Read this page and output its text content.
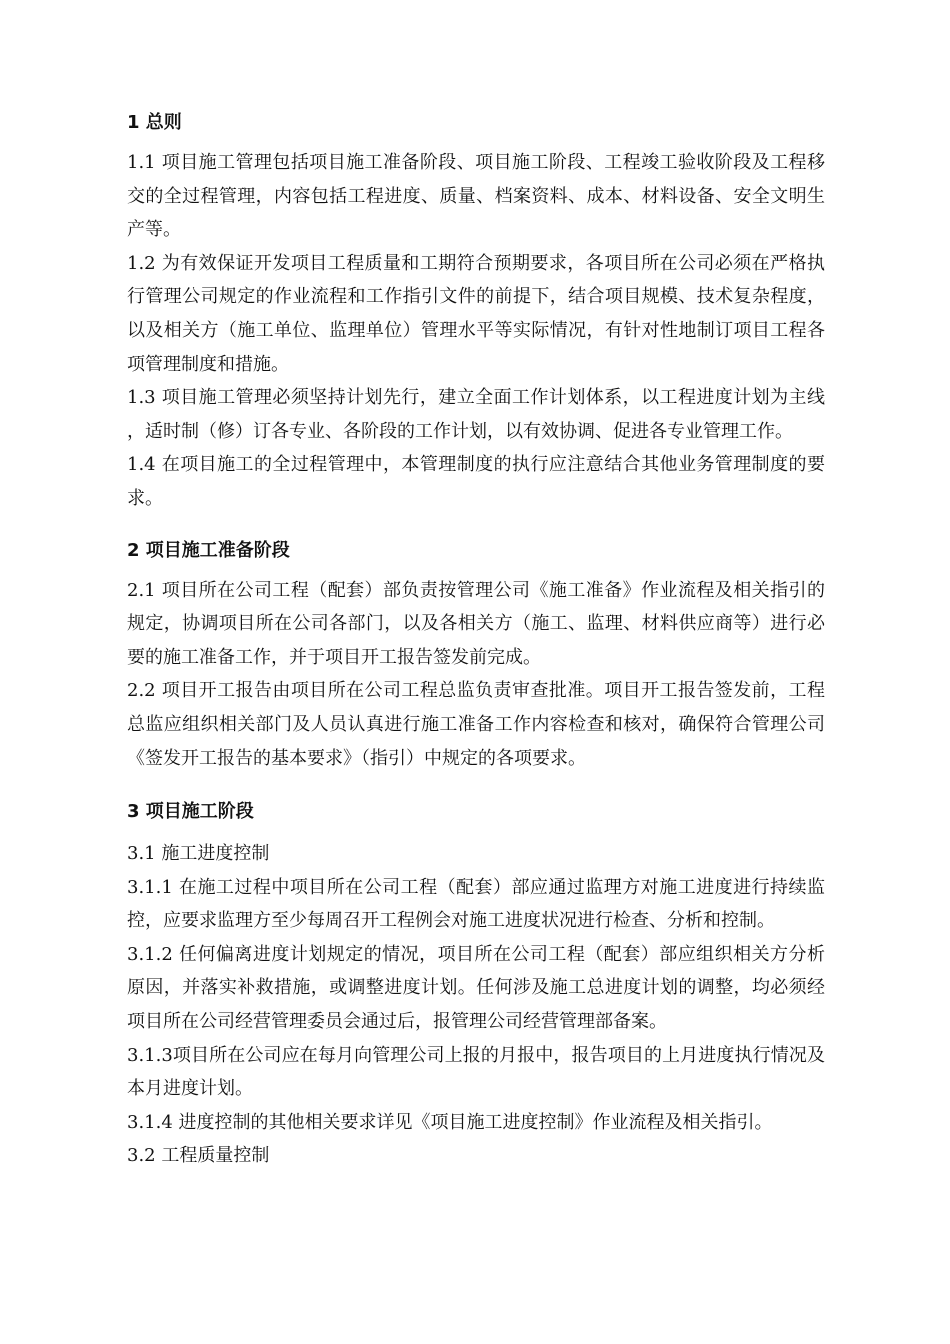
1 总则

1.1 项目施工管理包括项目施工准备阶段、项目施工阶段、工程竣工验收阶段及工程移交的全过程管理，内容包括工程进度、质量、档案资料、成本、材料设备、安全文明生产等。

1.2 为有效保证开发项目工程质量和工期符合预期要求，各项目所在公司必须在严格执行管理公司规定的作业流程和工作指引文件的前提下，结合项目规模、技术复杂程度，以及相关方（施工单位、监理单位）管理水平等实际情况，有针对性地制订项目工程各项管理制度和措施。

1.3 项目施工管理必须坚持计划先行，建立全面工作计划体系，以工程进度计划为主线，适时制（修）订各专业、各阶段的工作计划，以有效协调、促进各专业管理工作。

1.4 在项目施工的全过程管理中，本管理制度的执行应注意结合其他业务管理制度的要求。

2 项目施工准备阶段

2.1 项目所在公司工程（配套）部负责按管理公司《施工准备》作业流程及相关指引的规定，协调项目所在公司各部门，以及各相关方（施工、监理、材料供应商等）进行必要的施工准备工作，并于项目开工报告签发前完成。

2.2 项目开工报告由项目所在公司工程总监负责审查批准。项目开工报告签发前，工程总监应组织相关部门及人员认真进行施工准备工作内容检查和核对，确保符合管理公司《签发开工报告的基本要求》（指引）中规定的各项要求。

3 项目施工阶段

3.1 施工进度控制

3.1.1 在施工过程中项目所在公司工程（配套）部应通过监理方对施工进度进行持续监控，应要求监理方至少每周召开工程例会对施工进度状况进行检查、分析和控制。

3.1.2 任何偏离进度计划规定的情况，项目所在公司工程（配套）部应组织相关方分析原因，并落实补救措施，或调整进度计划。任何涉及施工总进度计划的调整，均必须经项目所在公司经营管理委员会通过后，报管理公司经营管理部备案。

3.1.3项目所在公司应在每月向管理公司上报的月报中，报告项目的上月进度执行情况及本月进度计划。

3.1.4 进度控制的其他相关要求详见《项目施工进度控制》作业流程及相关指引。

3.2 工程质量控制
